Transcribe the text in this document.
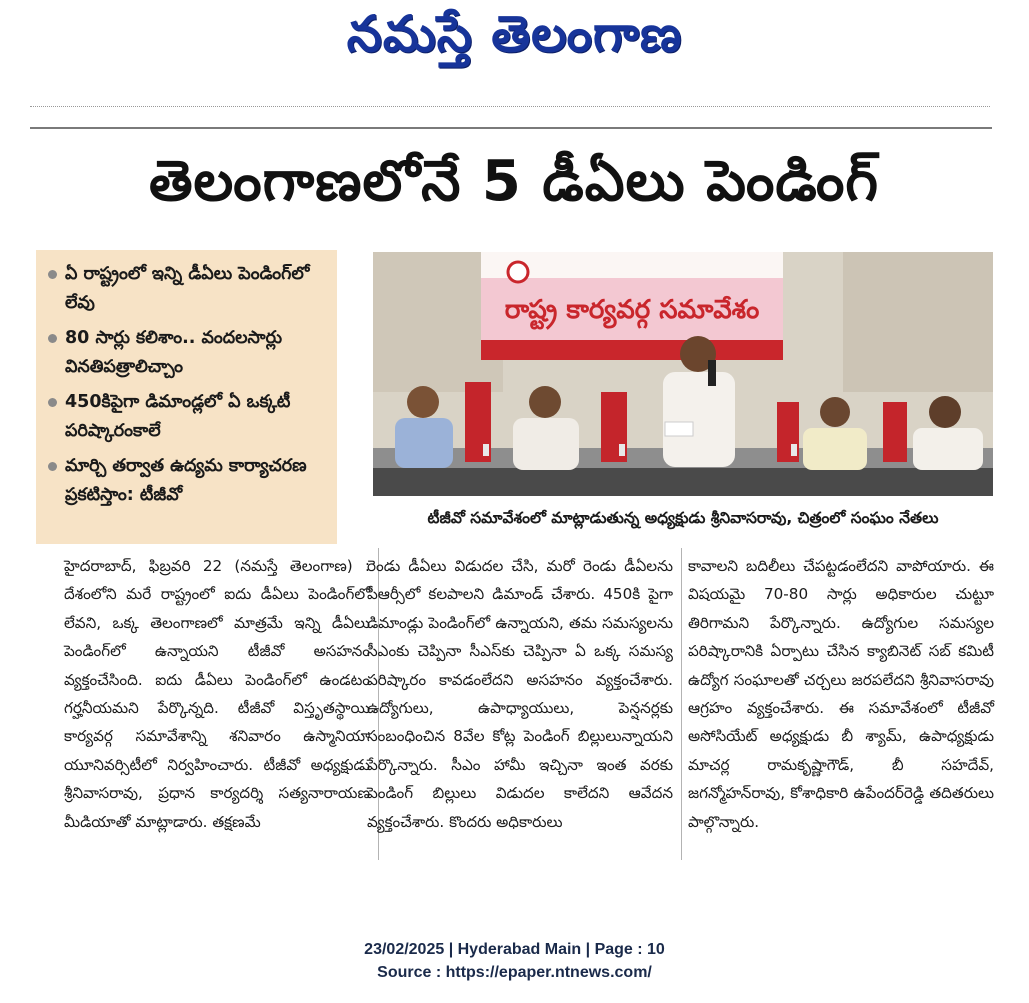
నమస్తే తెలంగాణ
తెలంగాణలోనే 5 డీఏలు పెండింగ్
ఏ రాష్ట్రంలో ఇన్ని డీఏలు పెండింగ్‌లో లేవు
80 సార్లు కలిశాం.. వందలసార్లు వినతిపత్రాలిచ్చాం
450కిపైగా డిమాండ్లలో ఏ ఒక్కటీ పరిష్కారంకాలే
మార్చి తర్వాత ఉద్యమ కార్యాచరణ ప్రకటిస్తాం: టీజీవో
రాష్ట్ర కార్యవర్గ సమావేశం
టీజీవో సమావేశంలో మాట్లాడుతున్న అధ్యక్షుడు శ్రీనివాసరావు, చిత్రంలో సంఘం నేతలు
హైదరాబాద్, ఫిబ్రవరి 22 (నమస్తే తెలంగాణ) : దేశంలోని మరే రాష్ట్రంలో ఐదు డీఏలు పెండింగ్‌లో లేవని, ఒక్క తెలంగాణలో మాత్రమే ఇన్ని డీఏలు పెండింగ్‌లో ఉన్నాయని టీజీవో అసహనం వ్యక్తంచేసింది. ఐదు డీఏలు పెండింగ్‌లో ఉండటం గర్హనీయమని పేర్కొన్నది. టీజీవో విస్తృతస్థాయి కార్యవర్గ సమావేశాన్ని శనివారం ఉస్మానియా యూనివర్సిటీలో నిర్వహించారు. టీజీవో అధ్యక్షుడు శ్రీనివాసరావు, ప్రధాన కార్యదర్శి సత్యనారాయణ మీడియాతో మాట్లాడారు. తక్షణమే
రెండు డీఏలు విడుదల చేసి, మరో రెండు డీఏలను పీఆర్సీలో కలపాలని డిమాండ్ చేశారు. 450కి పైగా డిమాండ్లు పెండింగ్‌లో ఉన్నాయని, తమ సమస్యలను సీఎంకు చెప్పినా సీఎస్‌కు చెప్పినా ఏ ఒక్క సమస్య పరిష్కారం కావడంలేదని అసహనం వ్యక్తంచేశారు. ఉద్యోగులు, ఉపాధ్యాయులు, పెన్షనర్లకు సంబంధించిన 8వేల కోట్ల పెండింగ్ బిల్లులున్నాయని పేర్కొన్నారు. సీఎం హామీ ఇచ్చినా ఇంత వరకు పెండింగ్ బిల్లులు విడుదల కాలేదని ఆవేదన వ్యక్తంచేశారు. కొందరు అధికారులు
కావాలని బదిలీలు చేపట్టడంలేదని వాపోయారు. ఈ విషయమై 70-80 సార్లు అధికారుల చుట్టూ తిరిగామని పేర్కొన్నారు. ఉద్యోగుల సమస్యల పరిష్కారానికి ఏర్పాటు చేసిన క్యాబినెట్ సబ్ కమిటీ ఉద్యోగ సంఘాలతో చర్చలు జరపలేదని శ్రీనివాసరావు ఆగ్రహం వ్యక్తంచేశారు. ఈ సమావేశంలో టీజీవో అసోసియేట్ అధ్యక్షుడు బీ శ్యామ్, ఉపాధ్యక్షుడు మాచర్ల రామకృష్ణాగౌడ్, బీ సహదేవ్, జగన్మోహన్‌రావు, కోశాధికారి ఉపేందర్‌రెడ్డి తదితరులు పాల్గొన్నారు.
23/02/2025 | Hyderabad Main | Page : 10
Source : https://epaper.ntnews.com/
